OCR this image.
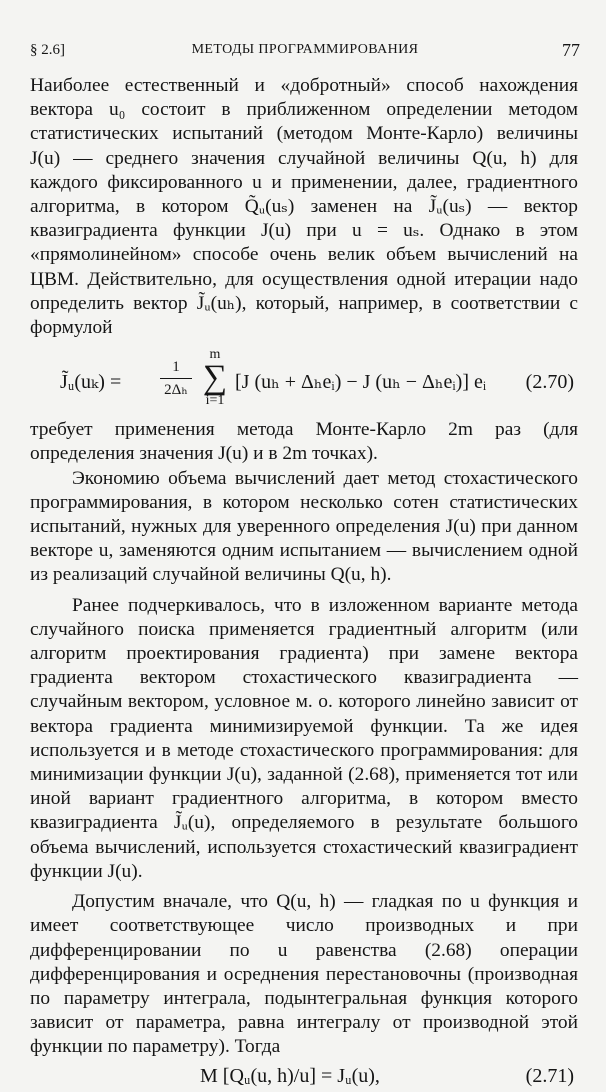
§ 2.6]	МЕТОДЫ ПРОГРАММИРОВАНИЯ	77

Наиболее естественный и «добротный» способ нахождения вектора u₀ состоит в приближенном определении методом статистических испытаний (методом Монте-Карло) величины J(u) — среднего значения случайной величины Q(u, h) для каждого фиксированного u и применении, далее, градиентного алгоритма, в котором Q̃ᵤ(uₛ) заменен на J̃ᵤ(uₛ) — вектор квазиградиента функции J(u) при u = uₛ. Однако в этом «прямолинейном» способе очень велик объем вычислений на ЦВМ. Действительно, для осуществления одной итерации надо определить вектор J̃ᵤ(uₕ), который, например, в соответствии с формулой

J̃ᵤ(uₖ) =
1
2Δₕ
m
∑
i=1
[J (uₕ + Δₕeᵢ) − J (uₕ − Δₕeᵢ)] eᵢ (2.70)

требует применения метода Монте-Карло 2m раз (для определения значения J(u) и в 2m точках).

Экономию объема вычислений дает метод стохастического программирования, в котором несколько сотен статистических испытаний, нужных для уверенного определения J(u) при данном векторе u, заменяются одним испытанием — вычислением одной из реализаций случайной величины Q(u, h).

Ранее подчеркивалось, что в изложенном варианте метода случайного поиска применяется градиентный алгоритм (или алгоритм проектирования градиента) при замене вектора градиента вектором стохастического квазиградиента — случайным вектором, условное м. о. которого линейно зависит от вектора градиента минимизируемой функции. Та же идея используется и в методе стохастического программирования: для минимизации функции J(u), заданной (2.68), применяется тот или иной вариант градиентного алгоритма, в котором вместо квазиградиента J̃ᵤ(u), определяемого в результате большого объема вычислений, используется стохастический квазиградиент функции J(u).

Допустим вначале, что Q(u, h) — гладкая по u функция и имеет соответствующее число производных и при дифференцировании по u равенства (2.68) операции дифференцирования и осреднения перестановочны (производная по параметру интеграла, подынтегральная функция которого зависит от параметра, равна интегралу от производной этой функции по параметру). Тогда

M [Qᵤ(u, h)/u] = Jᵤ(u),	(2.71)
